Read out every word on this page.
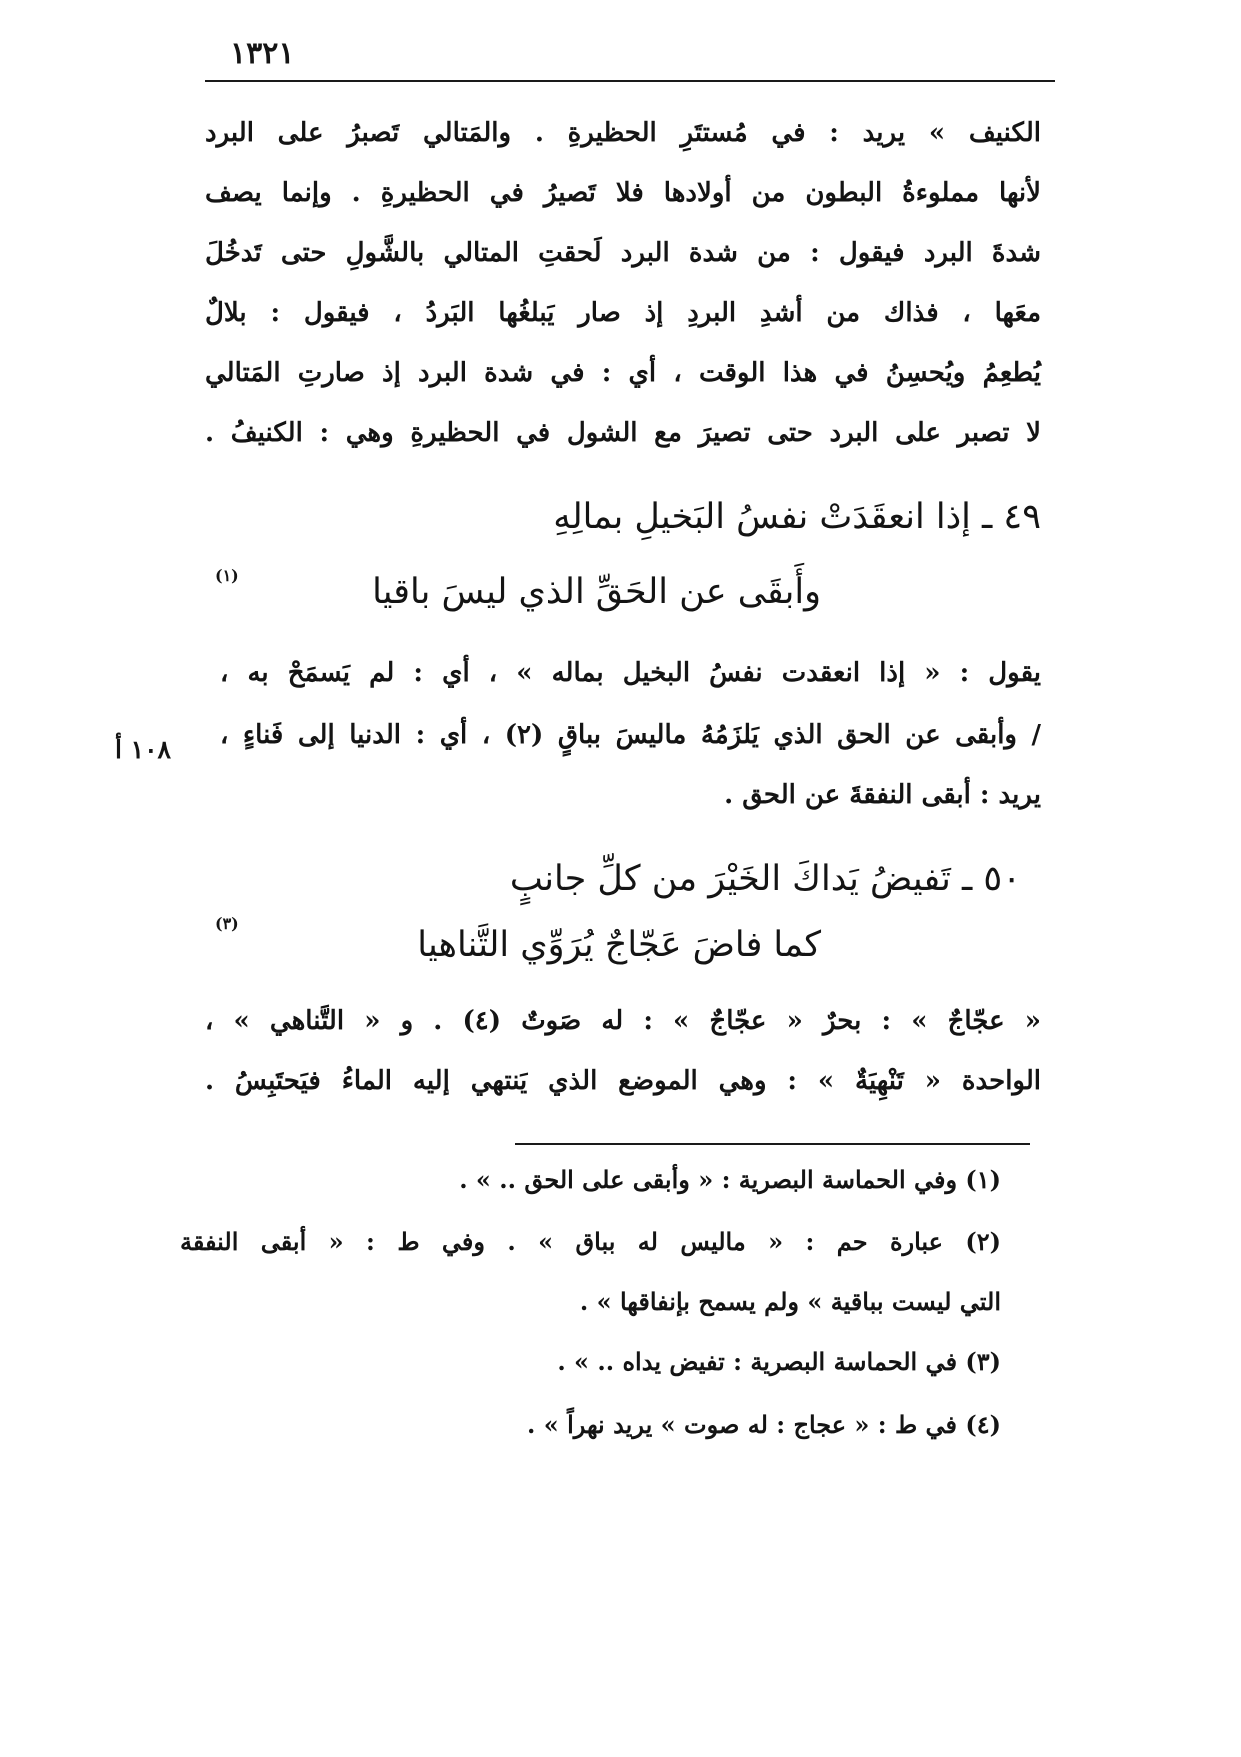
١٣٢١
الكنيف » يريد : في مُستتَرِ الحظيرةِ . والمَتالي تَصبرُ على البرد
لأنها مملوءةُ البطون من أولادها فلا تَصيرُ في الحظيرةِ . وإنما يصف
شدةَ البرد فيقول : من شدة البرد لَحقتِ المتالي بالشَّولِ حتى تَدخُلَ
معَها ، فذاك من أشدِ البردِ إذ صار يَبلغُها البَردُ ، فيقول : بلالٌ
يُطعِمُ ويُحسِنُ في هذا الوقت ، أي : في شدة البرد إذ صارتِ المَتالي
لا تصبر على البرد حتى تصيرَ مع الشول في الحظيرةِ وهي : الكنيفُ .
٤٩ ـ إذا انعقَدَتْ نفسُ البَخيلِ بمالِهِ
وأَبقَى عن الحَقِّ الذي ليسَ باقيا
(١)
يقول : « إذا انعقدت نفسُ البخيل بماله » ، أي : لم يَسمَحْ به ،
/ وأبقى عن الحق الذي يَلزَمُهُ ماليسَ بباقٍ (٢) ، أي : الدنيا إلى فَناءٍ ،
يريد : أبقى النفقةَ عن الحق .
١٠٨ أ
٥٠ ـ تَفيضُ يَداكَ الخَيْرَ من كلِّ جانبٍ
كما فاضَ عَجّاجٌ يُرَوِّي التَّناهيا
(٣)
« عجّاجٌ » : بحرٌ « عجّاجٌ » : له صَوتٌ (٤) . و « التَّناهي » ،
الواحدة « تَنْهِيَةٌ » : وهي الموضع الذي يَنتهي إليه الماءُ فيَحتَبِسُ .
(١) وفي الحماسة البصرية : « وأبقى على الحق .. » .
(٢) عبارة حم : « ماليس له بباق » . وفي ط : « أبقى النفقة
التي ليست بباقية » ولم يسمح بإنفاقها » .
(٣) في الحماسة البصرية : تفيض يداه .. » .
(٤) في ط : « عجاج : له صوت » يريد نهراً » .
